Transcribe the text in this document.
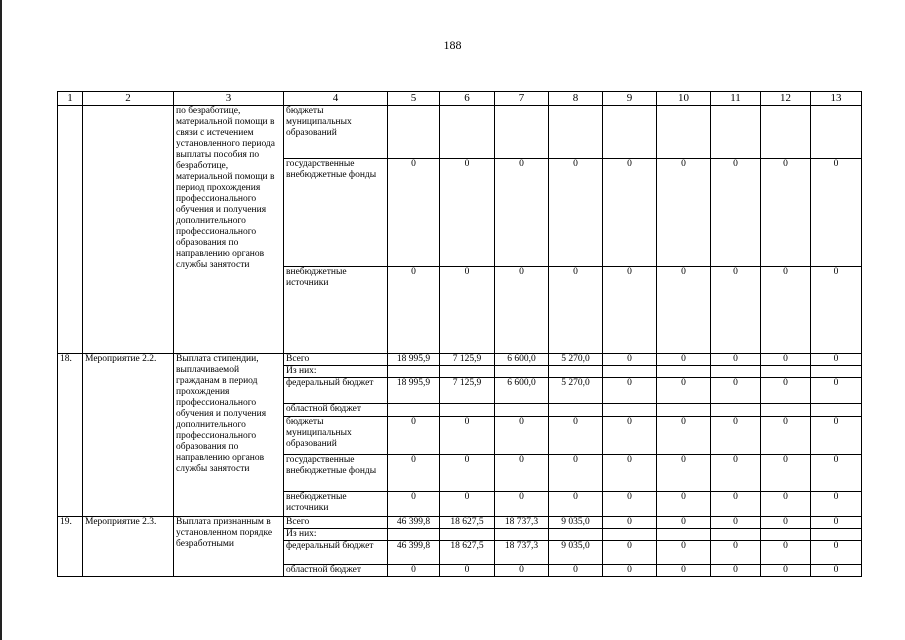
188
1	2	3	4	5	6	7	8	9	10	11	12	13
		по безработице, материальной помощи в связи с истечением установленного периода выплаты пособия по безработице, материальной помощи в период прохождения профессионального обучения и получения дополнительного профессионального образования по направлению органов службы занятости	бюджеты муниципальных образований									
			государственные внебюджетные фонды	0	0	0	0	0	0	0	0	0
			внебюджетные источники	0	0	0	0	0	0	0	0	0
18.	Мероприятие 2.2.	Выплата стипендии, выплачиваемой гражданам в период прохождения профессионального обучения и получения дополнительного профессионального образования по направлению органов службы занятости	Всего	18 995,9	7 125,9	6 600,0	5 270,0	0	0	0	0	0
			Из них:									
			федеральный бюджет	18 995,9	7 125,9	6 600,0	5 270,0	0	0	0	0	0
			областной бюджет									
			бюджеты муниципальных образований	0	0	0	0	0	0	0	0	0
			государственные внебюджетные фонды	0	0	0	0	0	0	0	0	0
			внебюджетные источники	0	0	0	0	0	0	0	0	0
19.	Мероприятие 2.3.	Выплата признанным в установленном порядке безработными	Всего	46 399,8	18 627,5	18 737,3	9 035,0	0	0	0	0	0
			Из них:									
			федеральный бюджет	46 399,8	18 627,5	18 737,3	9 035,0	0	0	0	0	0
			областной бюджет	0	0	0	0	0	0	0	0	0
